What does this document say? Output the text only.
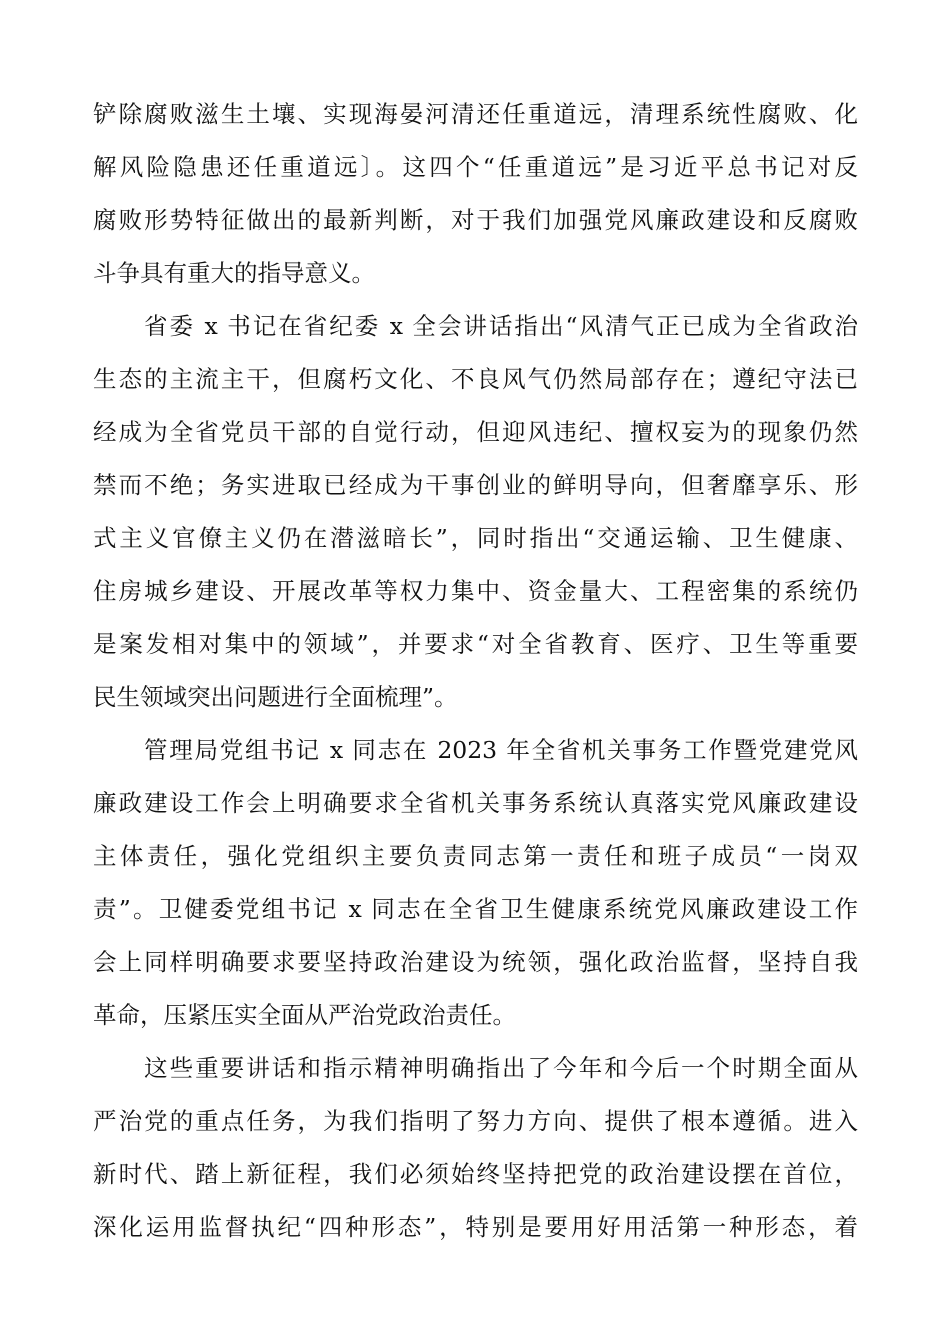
铲除腐败滋生土壤、实现海晏河清还任重道远，清理系统性腐败、化
解风险隐患还任重道远〕。这四个“任重道远”是习近平总书记对反
腐败形势特征做出的最新判断，对于我们加强党风廉政建设和反腐败
斗争具有重大的指导意义。
省委 x 书记在省纪委 x 全会讲话指出“风清气正已成为全省政治
生态的主流主干，但腐朽文化、不良风气仍然局部存在；遵纪守法已
经成为全省党员干部的自觉行动，但迎风违纪、擅权妄为的现象仍然
禁而不绝；务实进取已经成为干事创业的鲜明导向，但奢靡享乐、形
式主义官僚主义仍在潜滋暗长”，同时指出“交通运输、卫生健康、
住房城乡建设、开展改革等权力集中、资金量大、工程密集的系统仍
是案发相对集中的领域”，并要求“对全省教育、医疗、卫生等重要
民生领域突出问题进行全面梳理”。
管理局党组书记 x 同志在 2023 年全省机关事务工作暨党建党风
廉政建设工作会上明确要求全省机关事务系统认真落实党风廉政建设
主体责任，强化党组织主要负责同志第一责任和班子成员“一岗双
责”。卫健委党组书记 x 同志在全省卫生健康系统党风廉政建设工作
会上同样明确要求要坚持政治建设为统领，强化政治监督，坚持自我
革命，压紧压实全面从严治党政治责任。
这些重要讲话和指示精神明确指出了今年和今后一个时期全面从
严治党的重点任务，为我们指明了努力方向、提供了根本遵循。进入
新时代、踏上新征程，我们必须始终坚持把党的政治建设摆在首位，
深化运用监督执纪“四种形态”，特别是要用好用活第一种形态，着
